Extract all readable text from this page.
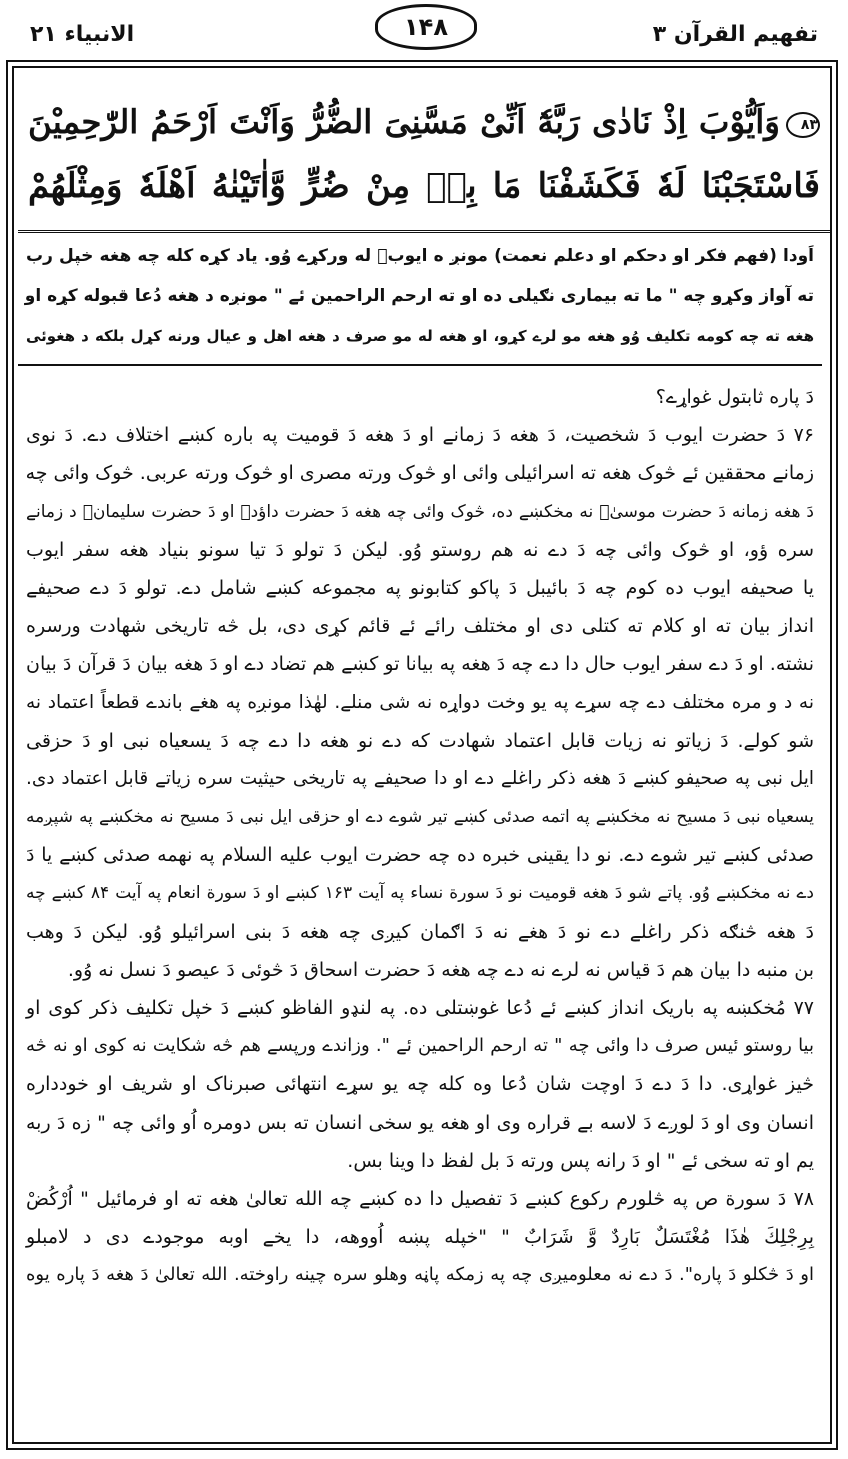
تفهیم القرآن ۳
۱۴۸
الانبیاء ۲۱
۸۳وَاَیُّوْبَ اِذْ نَادٰی رَبَّهٗٓ اَنِّیْ مَسَّنِیَ الضُّرُّ وَاَنْتَ اَرْحَمُ الرّٰحِمِیْنَ
فَاسْتَجَبْنَا لَهٗ فَکَشَفْنَا مَا بِهٖ مِنْ ضُرٍّ وَّاٰتَیْنٰهُ اَهْلَهٗ وَمِثْلَهُمْ
اَودا (فهم فکر او دحکم او دعلم نعمت) مونږ ه ایوبؑ له ورکړے وُو. یاد کړه کله چه هغه خپل رب
ته آواز وکړو چه " ما ته بیماری نګیلی ده او ته ارحم الراحمین ئے " مونږه د هغه دُعا قبوله کړه او
هغه ته چه کومه تکلیف وُو هغه مو لرے کړو، او هغه له مو صرف د هغه اهل و عیال ورنه کړل بلکه د هغوئی
دَ پاره ثابتول غواړے؟
۷۶ دَ حضرت ایوب دَ شخصیت، دَ هغه دَ زمانے او دَ هغه دَ قومیت په باره کښے اختلاف دے. دَ نوی
زمانے محققین ئے څوک هغه ته اسرائیلی وائی او څوک ورته مصری او څوک ورته عربی. څوک وائی چه
دَ هغه زمانه دَ حضرت موسیٰؑ نه مخکښے ده، څوک وائی چه هغه دَ حضرت داؤدؑ او دَ حضرت سلیمانؑ د زمانے
سره ؤو، او څوک وائی چه دَ دے نه هم روستو وُو. لیکن دَ تولو دَ تیا سونو بنیاد هغه سفر ایوب
یا صحیفه ایوب ده کوم چه دَ بائیبل دَ پاکو کتابونو په مجموعه کښے شامل دے. تولو دَ دے صحیفے
انداز بیان ته او کلام ته کتلی دی او مختلف رائے ئے قائم کړی دی، بل څه تاریخی شهادت ورسره
نشته. او دَ دے سفر ایوب حال دا دے چه دَ هغه په بیانا تو کښے هم تضاد دے او دَ هغه بیان دَ قرآن دَ بیان
نه د و مره مختلف دے چه سړے په یو وخت دواړه نه شی منلے. لهٰذا مونږه په هغے باندے قطعاً اعتماد نه
شو کولے. دَ زیاتو نه زیات قابل اعتماد شهادت که دے نو هغه دا دے چه دَ یسعیاه نبی او دَ حزقی
ایل نبی په صحیفو کښے دَ هغه ذکر راغلے دے او دا صحیفے په تاریخی حیثیت سره زیاتے قابل اعتماد دی.
یسعیاه نبی دَ مسیح نه مخکښے په اتمه صدئی کښے تیر شوے دے او حزقی ایل نبی دَ مسیح نه مخکښے په شپږمه
صدئی کښے تیر شوے دے. نو دا یقینی خبره ده چه حضرت ایوب علیه السلام په نهمه صدئی کښے یا دَ
دے نه مخکښے وُو. پاتے شو دَ هغه قومیت نو دَ سورة نساء په آیت ۱۶۳ کښے او دَ سورة انعام په آیت ۸۴ کښے چه
دَ هغه څنګه ذکر راغلے دے نو دَ هغے نه دَ اګمان کیږی چه هغه دَ بنی اسرائیلو وُو. لیکن دَ وهب
بن منبه دا بیان هم دَ قیاس نه لرے نه دے چه هغه دَ حضرت اسحاق دَ څوئی دَ عیصو دَ نسل نه وُو.
۷۷ مُخکښه په باریک انداز کښے ئے دُعا غوښتلی ده. په لنډو الفاظو کښے دَ خپل تکلیف ذکر کوی او
بیا روستو ئیس صرف دا وائی چه " ته ارحم الراحمین ئے ". وزاندے ورپسے هم څه شکایت نه کوی او نه څه
څیز غواړی. دا دَ دے دَ اوچت شان دُعا وه کله چه یو سړے انتهائی صبرناک او شریف او خودداره
انسان وی او دَ لوږے دَ لاسه بے قراره وی او هغه یو سخی انسان ته بس دومره اُو وائی چه " زه دَ ربه
یم او ته سخی ئے " او دَ رانه پس ورته دَ بل لفظ دا وینا بس.
۷۸ دَ سورة ص په څلورم رکوع کښے دَ تفصیل دا ده کښے چه الله تعالیٰ هغه ته او فرمائیل " اُرْکُضْ
بِرِجْلِكَ هٰذَا مُغْتَسَلٌ بَارِدٌ وَّ شَرَابٌ " "خپله پښه اُووهه، دا یخے اوبه موجودے دی د لامبلو
او دَ څکلو دَ پاره". دَ دے نه معلومیږی چه په زمکه پاڼه وهلو سره چینه راوخته. الله تعالیٰ دَ هغه دَ پاره یوه
